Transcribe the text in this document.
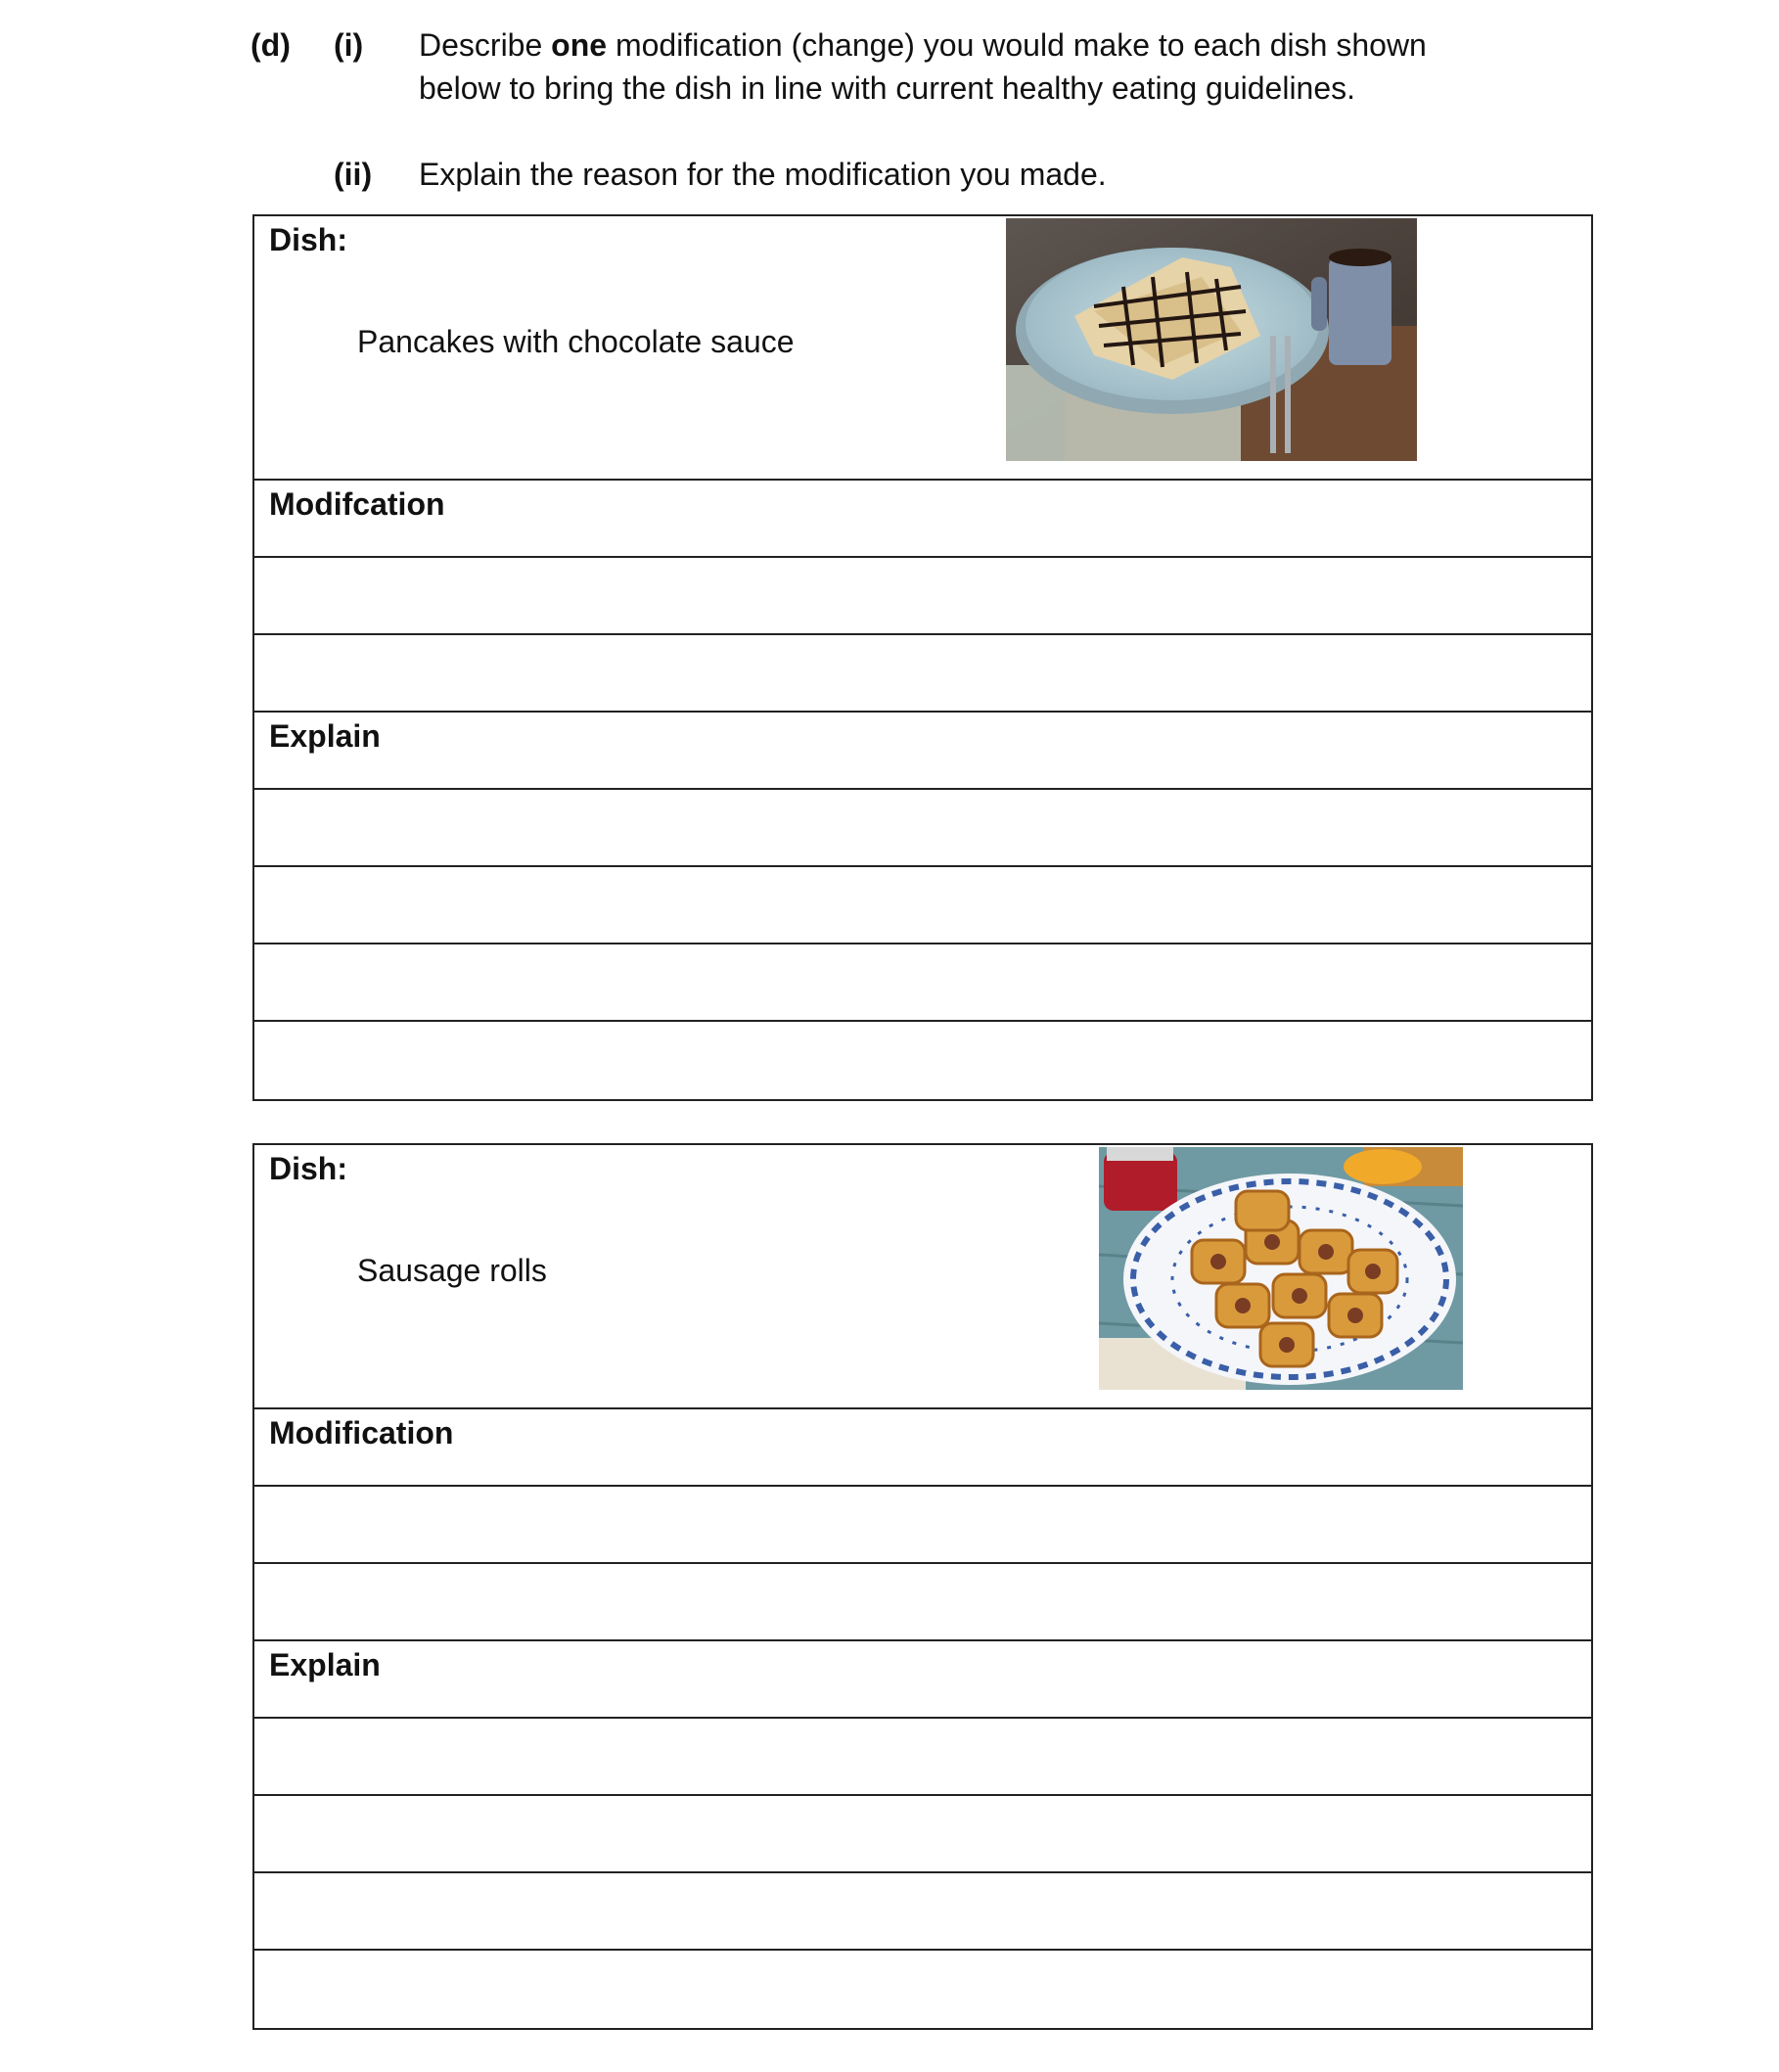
(d) (i) Describe one modification (change) you would make to each dish shown
below to bring the dish in line with current healthy eating guidelines.
(ii) Explain the reason for the modification you made.
Dish:
Pancakes with chocolate sauce
Modifcation
Explain
Dish:
Sausage rolls
Modification
Explain
